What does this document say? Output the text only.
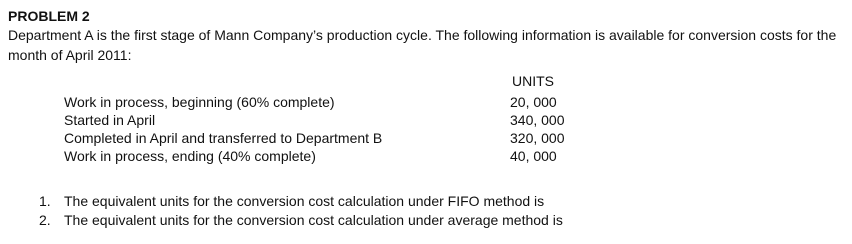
PROBLEM 2
Department A is the first stage of Mann Company’s production cycle. The following information is available for conversion costs for the month of April 2011:
UNITS
Work in process, beginning (60% complete)	20, 000
Started in April	340, 000
Completed in April and transferred to Department B	320, 000
Work in process, ending (40% complete)	40, 000
1. The equivalent units for the conversion cost calculation under FIFO method is
2. The equivalent units for the conversion cost calculation under average method is
